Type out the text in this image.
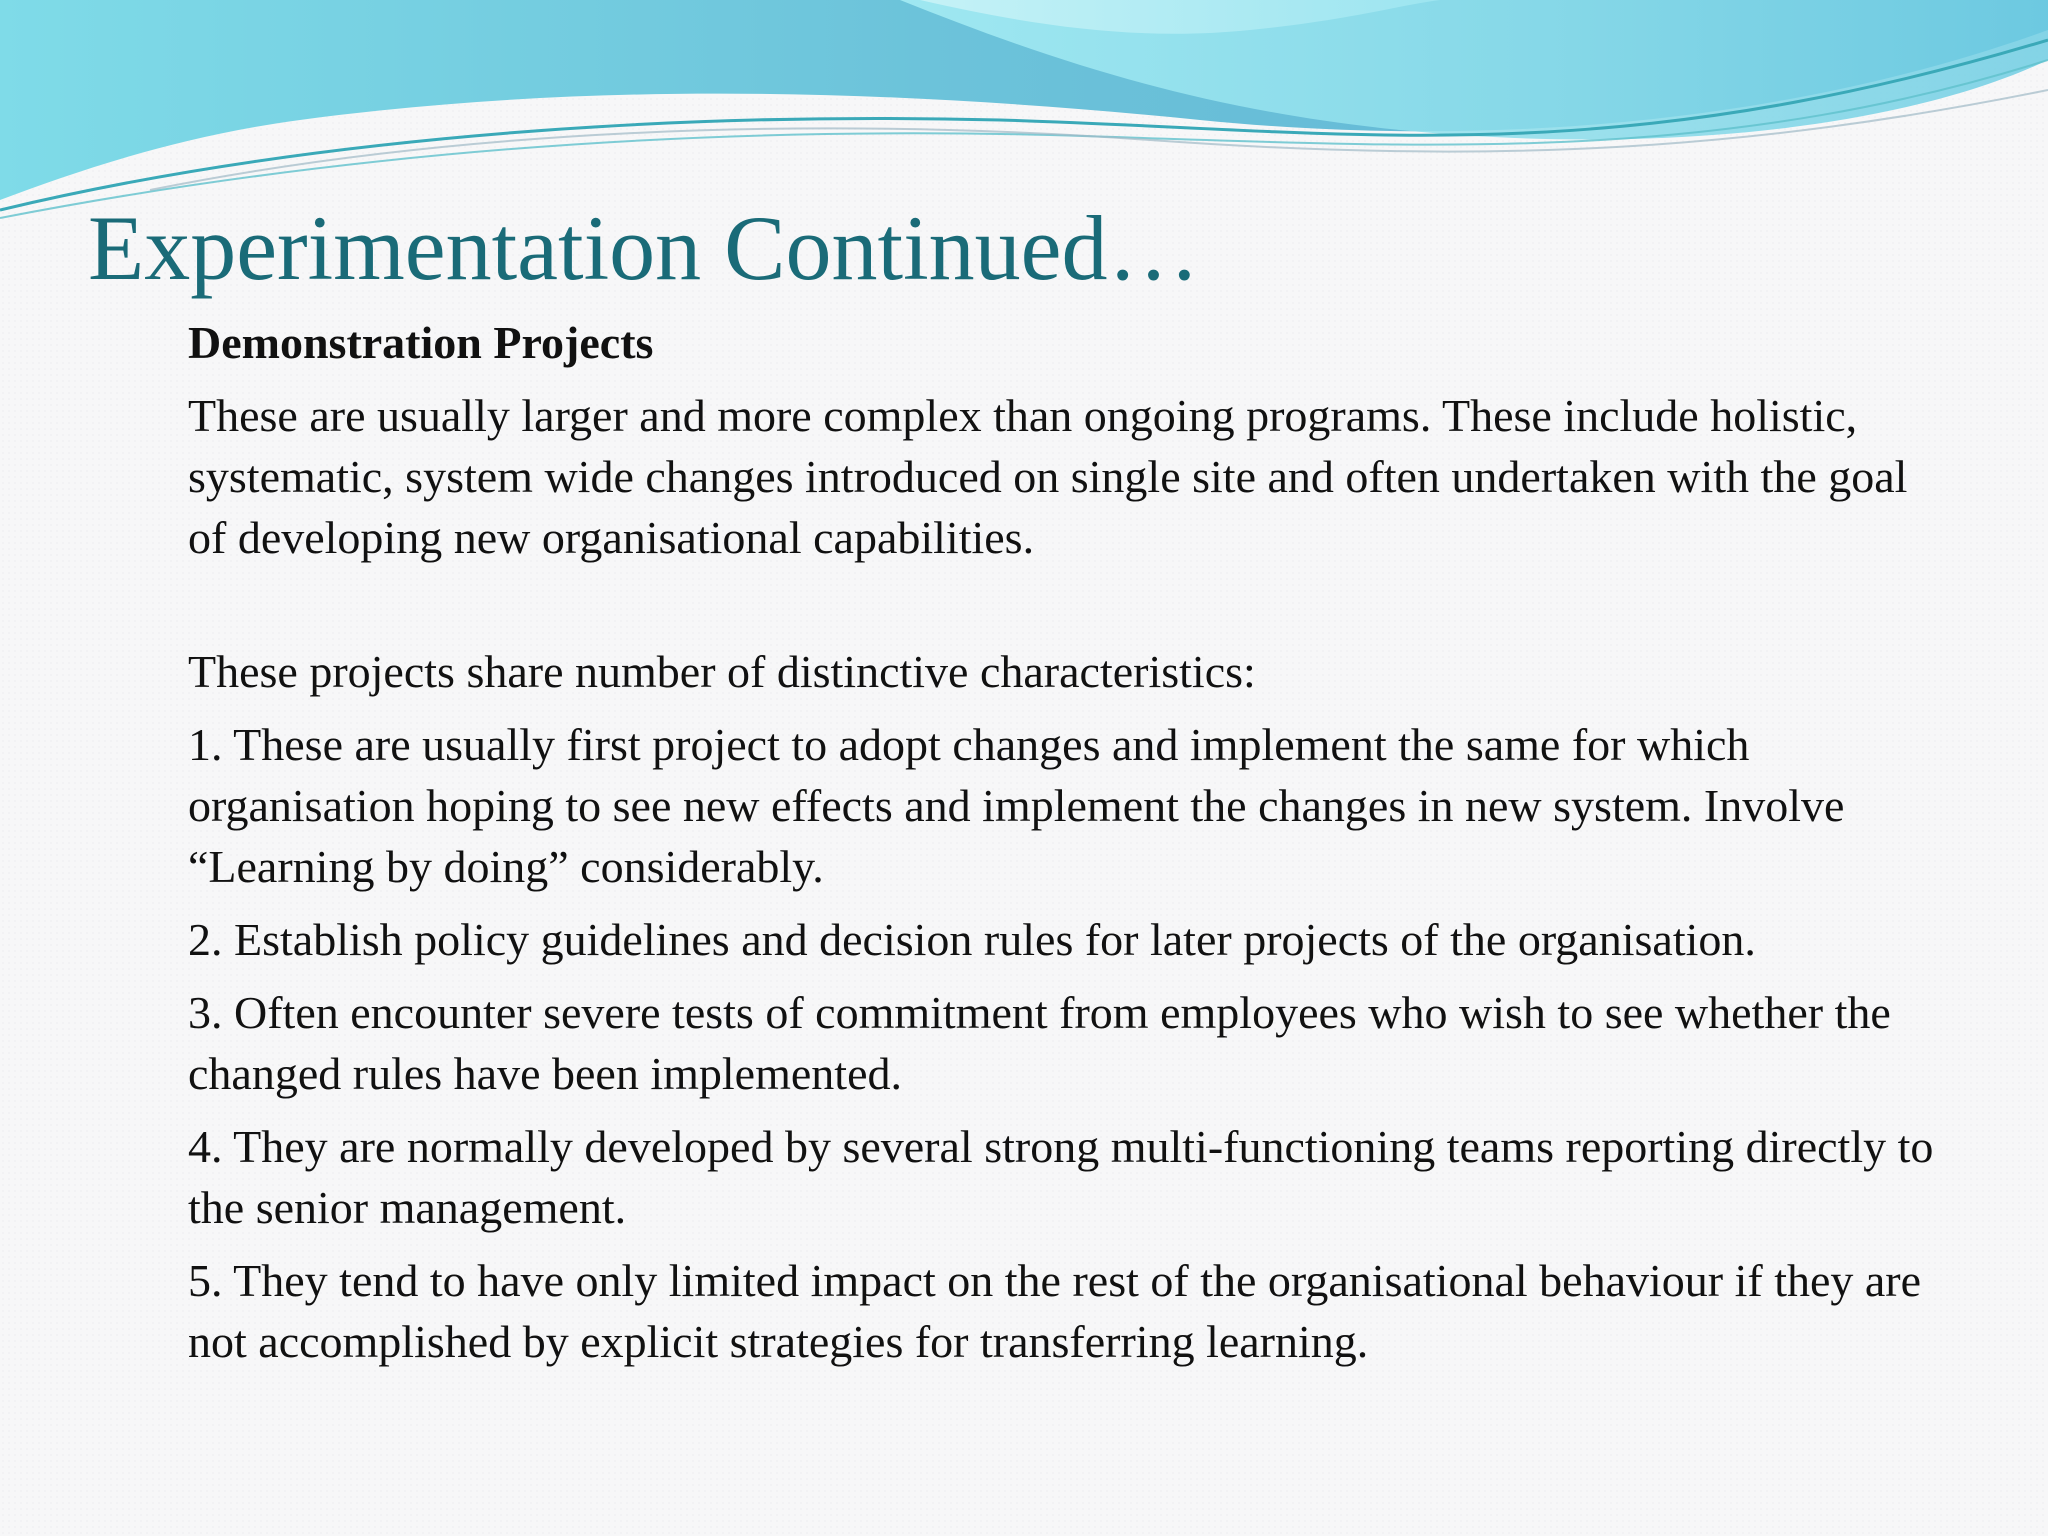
Experimentation Continued…

Demonstration Projects

These are usually larger and more complex than ongoing programs. These include holistic, systematic, system wide changes introduced on single site and often undertaken with the goal of developing new organisational capabilities.

These projects share number of distinctive characteristics:

1. These are usually first project to adopt changes and implement the same for which organisation hoping to see new effects and implement the changes in new system. Involve “Learning by doing” considerably.

2. Establish policy guidelines and decision rules for later projects of the organisation.

3. Often encounter severe tests of commitment from employees who wish to see whether the changed rules have been implemented.

4. They are normally developed by several strong multi-functioning teams reporting directly to the senior management.

5. They tend to have only limited impact on the rest of the organisational behaviour if they are not accomplished by explicit strategies for transferring learning.
